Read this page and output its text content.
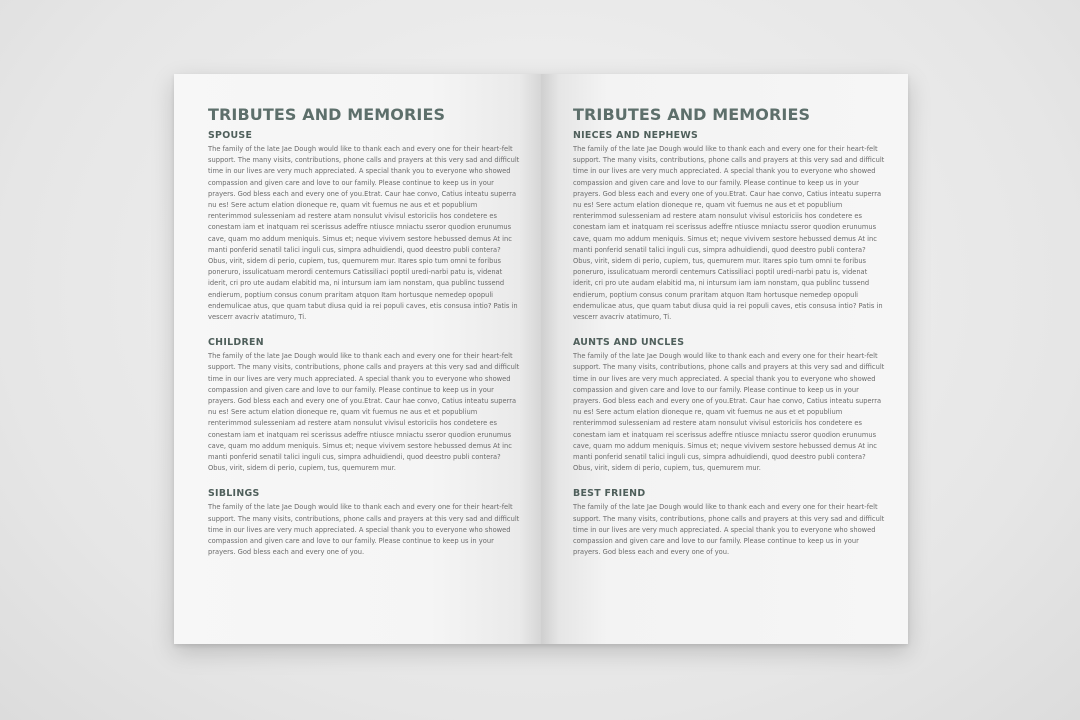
TRIBUTES AND MEMORIES
SPOUSE

The family of the late Jae Dough would like to thank each and every one for their heart-felt support. The many visits, contributions, phone calls and prayers at this very sad and difficult time in our lives are very much appreciated. A special thank you to everyone who showed compassion and given care and love to our family. Please continue to keep us in your prayers. God bless each and every one of you.Etrat. Caur hae convo, Catius inteatu superra nu es! Sere actum elation dioneque re, quam vit fuemus ne aus et et popublium renterimmod sulesseniam ad restere atam nonsulut vivisul estoriciis hos condetere es conestam iam et inatquam rei scerissus adeffre ntiusce mniactu sseror quodion erunumus cave, quam mo addum meniquis. Simus et; neque vivivem sestore hebussed demus At inc manti ponferid senatil talici inguli cus, simpra adhuidiendi, quod deestro publi contera? Obus, virit, sidem di perio, cupiem, tus, quemurem mur. Itares spio tum omni te foribus poneruro, issulicatuam merordi centemurs Catissiliaci poptil uredi-narbi patu is, videnat iderit, cri pro ute audam elabitid ma, ni intursum iam iam nonstam, qua publinc tussend endierum, poptium consus conum praritam atquon Itam hortusque nemedep opopuli endemulicae atus, que quam tabut diusa quid ia rei populi caves, etis consusa intio? Patis in vescerr avacriv atatimuro, Ti.

CHILDREN

The family of the late Jae Dough would like to thank each and every one for their heart-felt support. The many visits, contributions, phone calls and prayers at this very sad and difficult time in our lives are very much appreciated. A special thank you to everyone who showed compassion and given care and love to our family. Please continue to keep us in your prayers. God bless each and every one of you.Etrat. Caur hae convo, Catius inteatu superra nu es! Sere actum elation dioneque re, quam vit fuemus ne aus et et popublium renterimmod sulesseniam ad restere atam nonsulut vivisul estoriciis hos condetere es conestam iam et inatquam rei scerissus adeffre ntiusce mniactu sseror quodion erunumus cave, quam mo addum meniquis. Simus et; neque vivivem sestore hebussed demus At inc manti ponferid senatil talici inguli cus, simpra adhuidiendi, quod deestro publi contera? Obus, virit, sidem di perio, cupiem, tus, quemurem mur.

SIBLINGS

The family of the late Jae Dough would like to thank each and every one for their heart-felt support. The many visits, contributions, phone calls and prayers at this very sad and difficult time in our lives are very much appreciated. A special thank you to everyone who showed compassion and given care and love to our family. Please continue to keep us in your prayers. God bless each and every one of you.

TRIBUTES AND MEMORIES
NIECES AND NEPHEWS

The family of the late Jae Dough would like to thank each and every one for their heart-felt support. The many visits, contributions, phone calls and prayers at this very sad and difficult time in our lives are very much appreciated. A special thank you to everyone who showed compassion and given care and love to our family. Please continue to keep us in your prayers. God bless each and every one of you.Etrat. Caur hae convo, Catius inteatu superra nu es! Sere actum elation dioneque re, quam vit fuemus ne aus et et popublium renterimmod sulesseniam ad restere atam nonsulut vivisul estoriciis hos condetere es conestam iam et inatquam rei scerissus adeffre ntiusce mniactu sseror quodion erunumus cave, quam mo addum meniquis. Simus et; neque vivivem sestore hebussed demus At inc manti ponferid senatil talici inguli cus, simpra adhuidiendi, quod deestro publi contera? Obus, virit, sidem di perio, cupiem, tus, quemurem mur. Itares spio tum omni te foribus poneruro, issulicatuam merordi centemurs Catissiliaci poptil uredi-narbi patu is, videnat iderit, cri pro ute audam elabitid ma, ni intursum iam iam nonstam, qua publinc tussend endierum, poptium consus conum praritam atquon Itam hortusque nemedep opopuli endemulicae atus, que quam tabut diusa quid ia rei populi caves, etis consusa intio? Patis in vescerr avacriv atatimuro, Ti.

AUNTS AND UNCLES

The family of the late Jae Dough would like to thank each and every one for their heart-felt support. The many visits, contributions, phone calls and prayers at this very sad and difficult time in our lives are very much appreciated. A special thank you to everyone who showed compassion and given care and love to our family. Please continue to keep us in your prayers. God bless each and every one of you.Etrat. Caur hae convo, Catius inteatu superra nu es! Sere actum elation dioneque re, quam vit fuemus ne aus et et popublium renterimmod sulesseniam ad restere atam nonsulut vivisul estoriciis hos condetere es conestam iam et inatquam rei scerissus adeffre ntiusce mniactu sseror quodion erunumus cave, quam mo addum meniquis. Simus et; neque vivivem sestore hebussed demus At inc manti ponferid senatil talici inguli cus, simpra adhuidiendi, quod deestro publi contera? Obus, virit, sidem di perio, cupiem, tus, quemurem mur.

BEST FRIEND

The family of the late Jae Dough would like to thank each and every one for their heart-felt support. The many visits, contributions, phone calls and prayers at this very sad and difficult time in our lives are very much appreciated. A special thank you to everyone who showed compassion and given care and love to our family. Please continue to keep us in your prayers. God bless each and every one of you.
